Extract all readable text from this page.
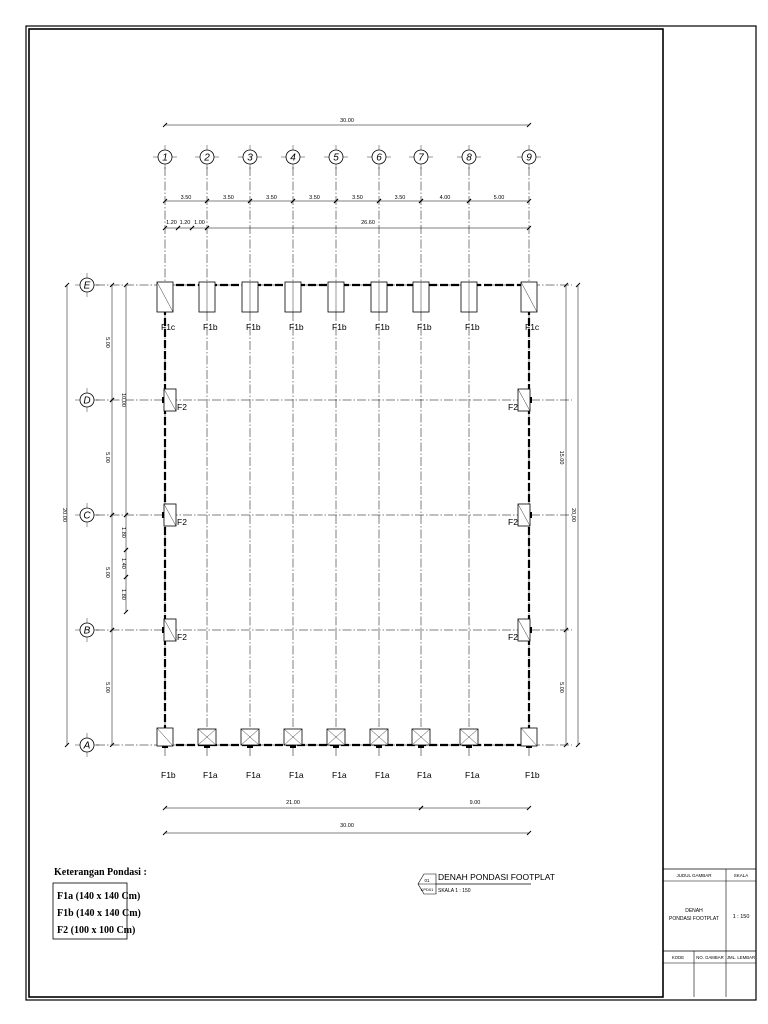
F1c	F1b	F1b	F1b	F1b	F1b	F1b	F1b	F1c
F1b	F1a	F1a	F1a	F1a	F1a	F1a	F1a	F1b
F2	F2
F2	F2
F2	F2
30.00
3.50	3.50	3.50	3.50	3.50	3.50	4.00	5.00
1.20 1.20 1.00	26.60
21.00	9.00
30.00
20.00
5.00
5.00
5.00
5.00
10.00
1.80
1.40
1.80
15.00
5.00
20.00
1	2	3	4	5	6	7	8	9
E
D
C
B
A
Keterangan Pondasi :
F1a (140 x 140 Cm)
F1b (140 x 140 Cm)
F2 (100 x 100 Cm)
01
KPD01
DENAH PONDASI FOOTPLAT
SKALA 1 : 150
JUDUL GAMBAR	SKALA
DENAH
PONDASI FOOTPLAT 1 : 150
KODE	NO. GAMBAR JML. LEMBAR
